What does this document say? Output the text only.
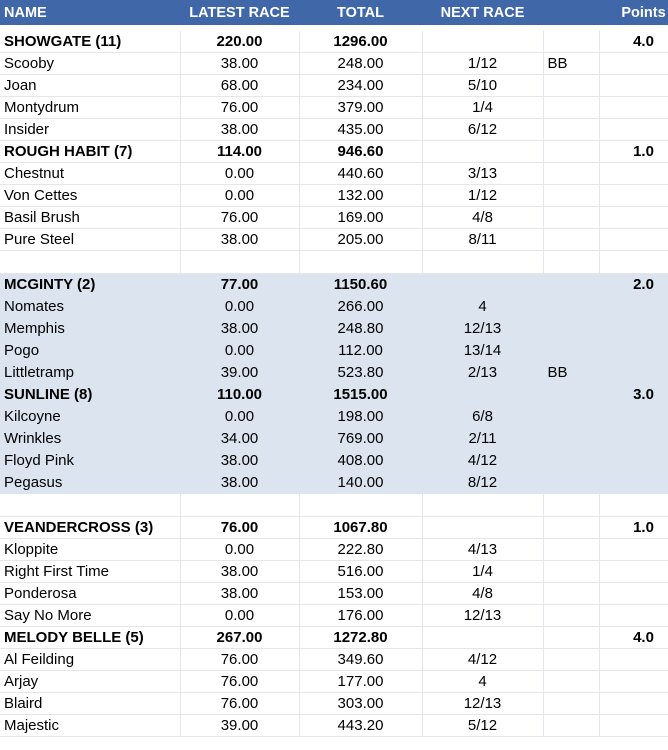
NAME	LATEST RACE	TOTAL	NEXT RACE		Points

SHOWGATE (11)	220.00	1296.00			4.0
Scooby	38.00	248.00	1/12	BB	
Joan	68.00	234.00	5/10		
Montydrum	76.00	379.00	1/4		
Insider	38.00	435.00	6/12		
ROUGH HABIT (7)	114.00	946.60			1.0
Chestnut	0.00	440.60	3/13		
Von Cettes	0.00	132.00	1/12		
Basil Brush	76.00	169.00	4/8		
Pure Steel	38.00	205.00	8/11		

MCGINTY (2)	77.00	1150.60			2.0
Nomates	0.00	266.00	4		
Memphis	38.00	248.80	12/13		
Pogo	0.00	112.00	13/14		
Littletramp	39.00	523.80	2/13	BB	
SUNLINE (8)	110.00	1515.00			3.0
Kilcoyne	0.00	198.00	6/8		
Wrinkles	34.00	769.00	2/11		
Floyd Pink	38.00	408.00	4/12		
Pegasus	38.00	140.00	8/12		

VEANDERCROSS (3)	76.00	1067.80			1.0
Kloppite	0.00	222.80	4/13		
Right First Time	38.00	516.00	1/4		
Ponderosa	38.00	153.00	4/8		
Say No More	0.00	176.00	12/13		
MELODY BELLE (5)	267.00	1272.80			4.0
Al Feilding	76.00	349.60	4/12		
Arjay	76.00	177.00	4		
Blaird	76.00	303.00	12/13		
Majestic	39.00	443.20	5/12		
